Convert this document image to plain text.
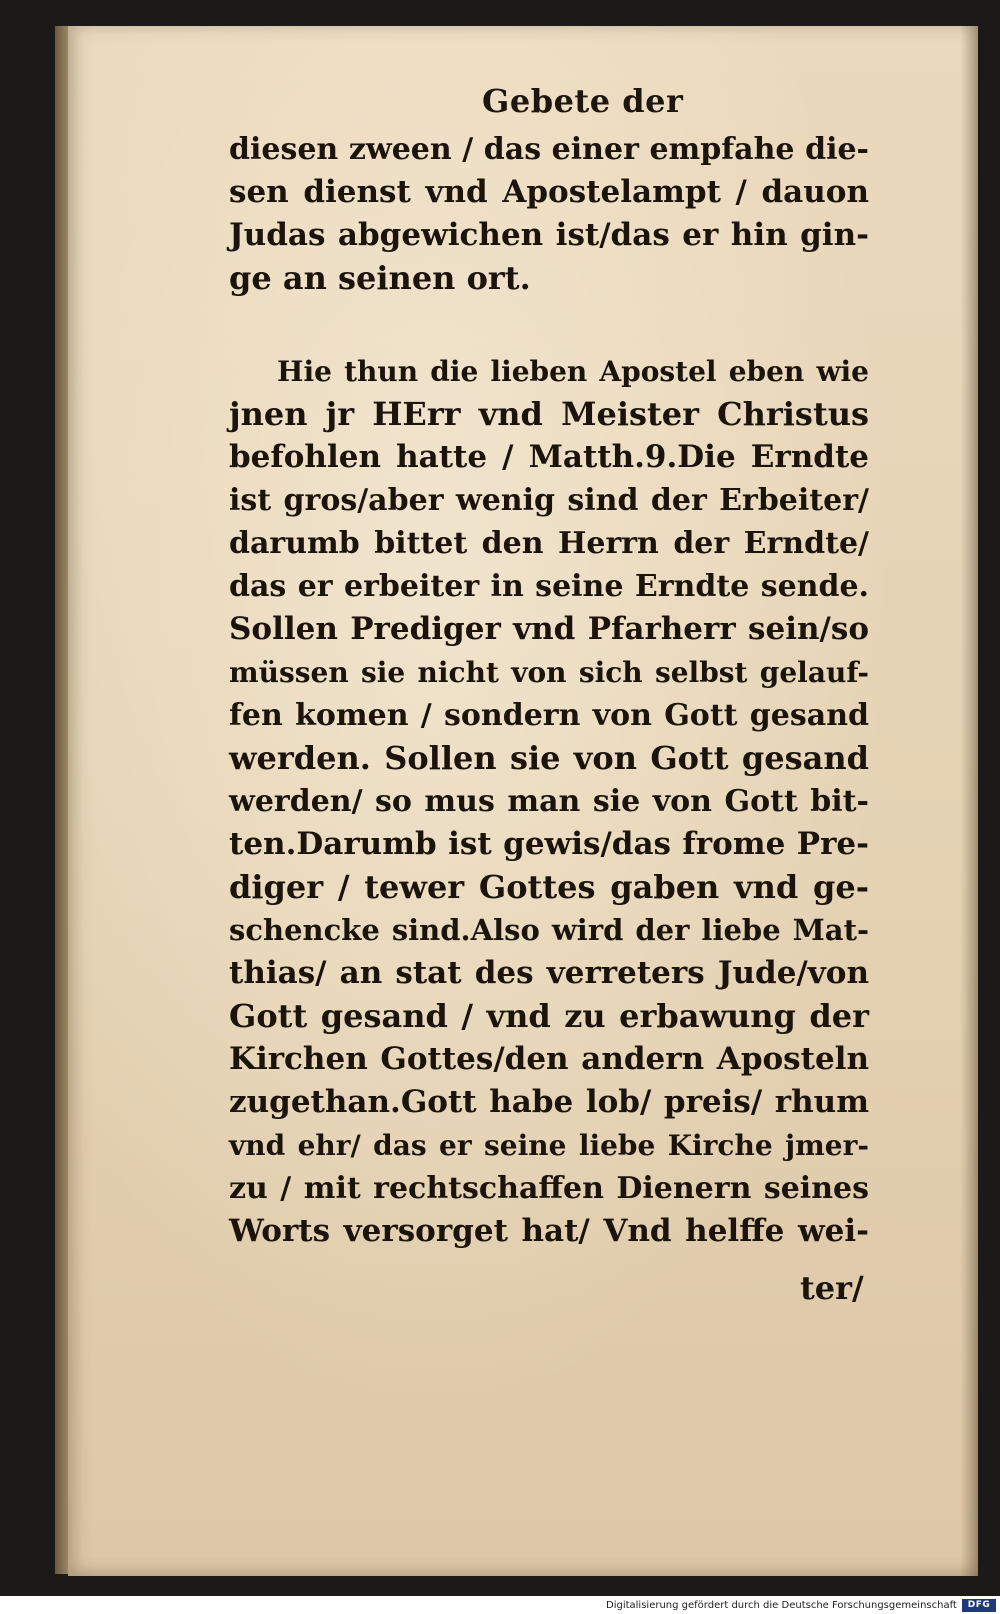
Gebete der
diesen zween / das einer empfahe die-
sen dienst vnd Apostelampt / dauon
Judas abgewichen ist/das er hin gin-
ge an seinen ort.
Hie thun die lieben Apostel eben wie
jnen jr HErr vnd Meister Christus
befohlen hatte / Matth.9.Die Erndte
ist gros/aber wenig sind der Erbeiter/
darumb bittet den Herrn der Erndte/
das er erbeiter in seine Erndte sende.
Sollen Prediger vnd Pfarherr sein/so
müssen sie nicht von sich selbst gelauf-
fen komen / sondern von Gott gesand
werden. Sollen sie von Gott gesand
werden/ so mus man sie von Gott bit-
ten.Darumb ist gewis/das frome Pre-
diger / tewer Gottes gaben vnd ge-
schencke sind.Also wird der liebe Mat-
thias/ an stat des verreters Jude/von
Gott gesand / vnd zu erbawung der
Kirchen Gottes/den andern Aposteln
zugethan.Gott habe lob/ preis/ rhum
vnd ehr/ das er seine liebe Kirche jmer-
zu / mit rechtschaffen Dienern seines
Worts versorget hat/ Vnd helffe wei-
ter/
Digitalisierung gefördert durch die Deutsche Forschungsgemeinschaft	DFG
